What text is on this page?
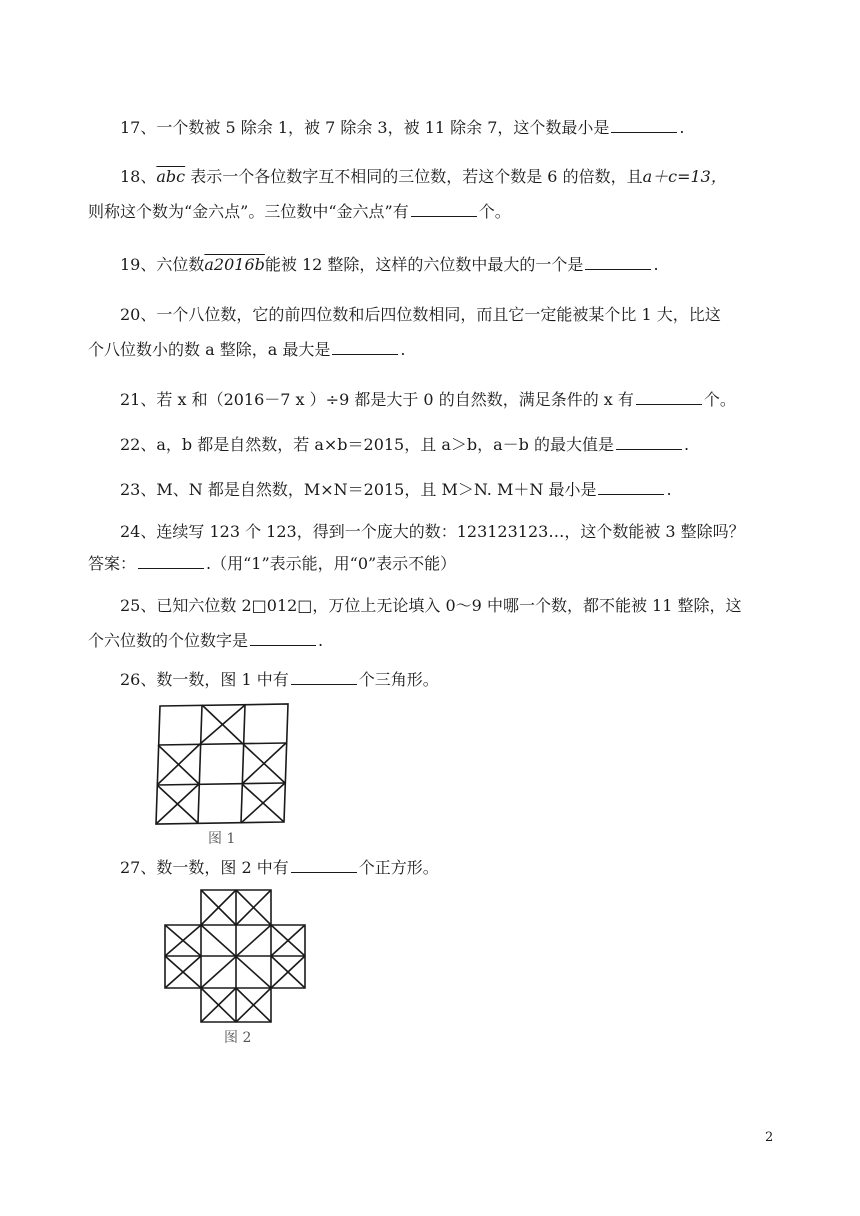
17、一个数被 5 除余 1，被 7 除余 3，被 11 除余 7，这个数最小是	.
18、$\overline{abc}$ 表示一个各位数字互不相同的三位数，若这个数是 6 的倍数，且a＋c=13，
则称这个数为“金六点”。三位数中“金六点”有	个。
19、六位数a2016b能被 12 整除，这样的六位数中最大的一个是	.
20、一个八位数，它的前四位数和后四位数相同，而且它一定能被某个比 1 大，比这
个八位数小的数 a 整除，a 最大是	.
21、若 x 和（2016－7 x ）÷9 都是大于 0 的自然数，满足条件的 x 有	个。
22、a，b 都是自然数，若 a×b＝2015，且 a＞b，a－b 的最大值是	.
23、M、N 都是自然数，M×N＝2015，且 M＞N. M＋N 最小是	.
24、连续写 123 个 123，得到一个庞大的数：123123123…，这个数能被 3 整除吗？
答案：	.（用“1”表示能，用“0”表示不能）
25、已知六位数 2□012□，万位上无论填入 0～9 中哪一个数，都不能被 11 整除，这
个六位数的个位数字是	.
26、数一数，图 1 中有	个三角形。
图 1
27、数一数，图 2 中有	个正方形。
图 2
2
